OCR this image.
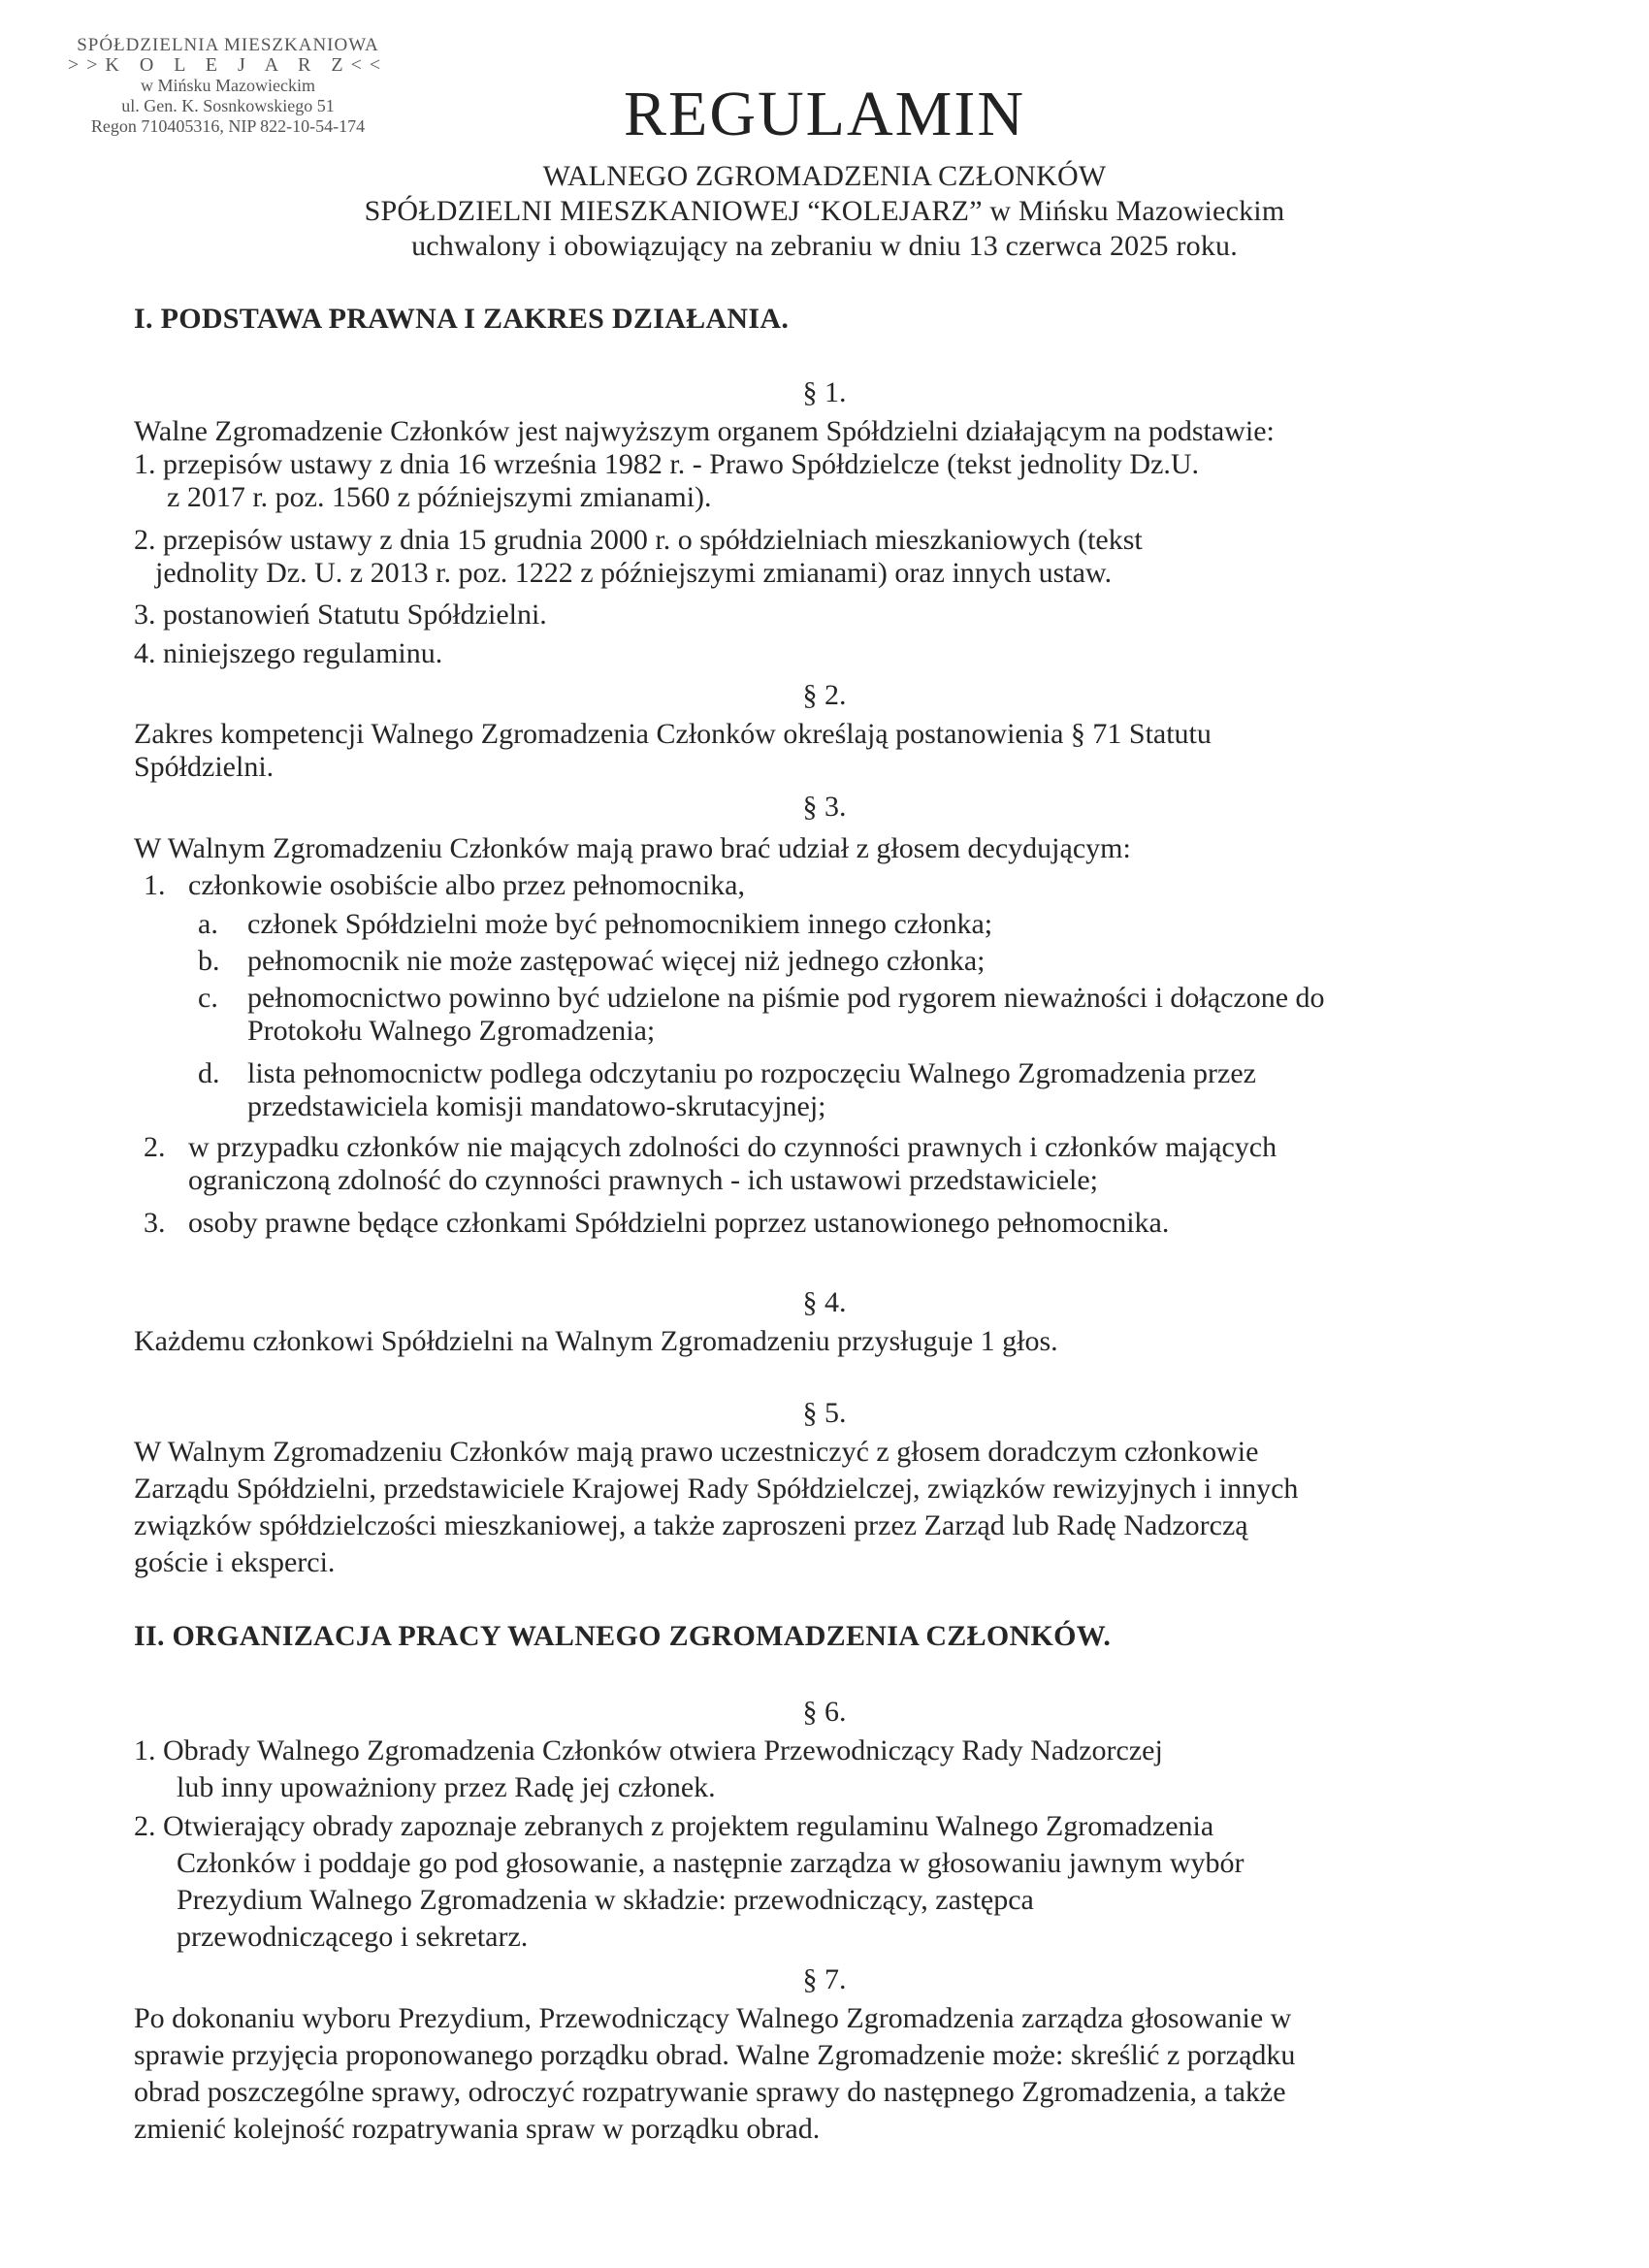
SPÓŁDZIELNIA MIESZKANIOWA
>>K O L E J A R Z<<
w Mińsku Mazowieckim
ul. Gen. K. Sosnkowskiego 51
Regon 710405316, NIP 822-10-54-174	REGULAMIN
WALNEGO ZGROMADZENIA CZŁONKÓW
SPÓŁDZIELNI MIESZKANIOWEJ “KOLEJARZ” w Mińsku Mazowieckim
uchwalony i obowiązujący na zebraniu w dniu 13 czerwca 2025 roku.
I. PODSTAWA PRAWNA I ZAKRES DZIAŁANIA.
§ 1.
Walne Zgromadzenie Członków jest najwyższym organem Spółdzielni działającym na podstawie:
1. przepisów ustawy z dnia 16 września 1982 r. - Prawo Spółdzielcze (tekst jednolity Dz.U.
z 2017 r. poz. 1560 z późniejszymi zmianami).
2. przepisów ustawy z dnia 15 grudnia 2000 r. o spółdzielniach mieszkaniowych (tekst
jednolity Dz. U. z 2013 r. poz. 1222 z późniejszymi zmianami) oraz innych ustaw.
3. postanowień Statutu Spółdzielni.
4. niniejszego regulaminu.
§ 2.
Zakres kompetencji Walnego Zgromadzenia Członków określają postanowienia § 71 Statutu
Spółdzielni.
§ 3.
W Walnym Zgromadzeniu Członków mają prawo brać udział z głosem decydującym:
1. członkowie osobiście albo przez pełnomocnika,
a. członek Spółdzielni może być pełnomocnikiem innego członka;
b. pełnomocnik nie może zastępować więcej niż jednego członka;
c. pełnomocnictwo powinno być udzielone na piśmie pod rygorem nieważności i dołączone do
Protokołu Walnego Zgromadzenia;
d. lista pełnomocnictw podlega odczytaniu po rozpoczęciu Walnego Zgromadzenia przez
przedstawiciela komisji mandatowo-skrutacyjnej;
2. w przypadku członków nie mających zdolności do czynności prawnych i członków mających
ograniczoną zdolność do czynności prawnych - ich ustawowi przedstawiciele;
3. osoby prawne będące członkami Spółdzielni poprzez ustanowionego pełnomocnika.
§ 4.
Każdemu członkowi Spółdzielni na Walnym Zgromadzeniu przysługuje 1 głos.
§ 5.
W Walnym Zgromadzeniu Członków mają prawo uczestniczyć z głosem doradczym członkowie
Zarządu Spółdzielni, przedstawiciele Krajowej Rady Spółdzielczej, związków rewizyjnych i innych
związków spółdzielczości mieszkaniowej, a także zaproszeni przez Zarząd lub Radę Nadzorczą
goście i eksperci.
II. ORGANIZACJA PRACY WALNEGO ZGROMADZENIA CZŁONKÓW.
§ 6.
1. Obrady Walnego Zgromadzenia Członków otwiera Przewodniczący Rady Nadzorczej
lub inny upoważniony przez Radę jej członek.
2. Otwierający obrady zapoznaje zebranych z projektem regulaminu Walnego Zgromadzenia
Członków i poddaje go pod głosowanie, a następnie zarządza w głosowaniu jawnym wybór
Prezydium Walnego Zgromadzenia w składzie: przewodniczący, zastępca
przewodniczącego i sekretarz.
§ 7.
Po dokonaniu wyboru Prezydium, Przewodniczący Walnego Zgromadzenia zarządza głosowanie w
sprawie przyjęcia proponowanego porządku obrad. Walne Zgromadzenie może: skreślić z porządku
obrad poszczególne sprawy, odroczyć rozpatrywanie sprawy do następnego Zgromadzenia, a także
zmienić kolejność rozpatrywania spraw w porządku obrad.
